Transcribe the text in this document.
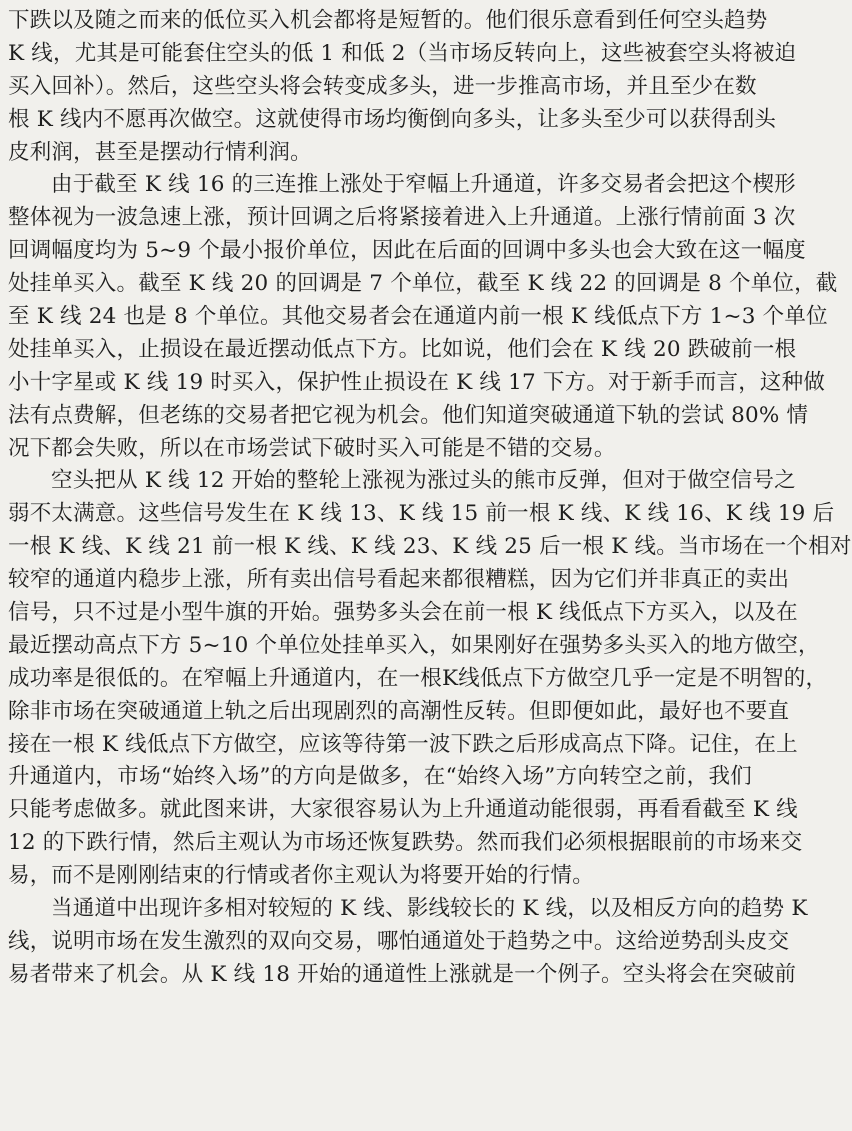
下跌以及随之而来的低位买入机会都将是短暂的。他们很乐意看到任何空头趋势
K 线，尤其是可能套住空头的低 1 和低 2（当市场反转向上，这些被套空头将被迫
买入回补）。然后，这些空头将会转变成多头，进一步推高市场，并且至少在数
根 K 线内不愿再次做空。这就使得市场均衡倒向多头，让多头至少可以获得刮头
皮利润，甚至是摆动行情利润。
由于截至 K 线 16 的三连推上涨处于窄幅上升通道，许多交易者会把这个楔形
整体视为一波急速上涨，预计回调之后将紧接着进入上升通道。上涨行情前面 3 次
回调幅度均为 5~9 个最小报价单位，因此在后面的回调中多头也会大致在这一幅度
处挂单买入。截至 K 线 20 的回调是 7 个单位，截至 K 线 22 的回调是 8 个单位，截
至 K 线 24 也是 8 个单位。其他交易者会在通道内前一根 K 线低点下方 1~3 个单位
处挂单买入，止损设在最近摆动低点下方。比如说，他们会在 K 线 20 跌破前一根
小十字星或 K 线 19 时买入，保护性止损设在 K 线 17 下方。对于新手而言，这种做
法有点费解，但老练的交易者把它视为机会。他们知道突破通道下轨的尝试 80% 情
况下都会失败，所以在市场尝试下破时买入可能是不错的交易。
空头把从 K 线 12 开始的整轮上涨视为涨过头的熊市反弹，但对于做空信号之
弱不太满意。这些信号发生在 K 线 13、K 线 15 前一根 K 线、K 线 16、K 线 19 后
一根 K 线、K 线 21 前一根 K 线、K 线 23、K 线 25 后一根 K 线。当市场在一个相对
较窄的通道内稳步上涨，所有卖出信号看起来都很糟糕，因为它们并非真正的卖出
信号，只不过是小型牛旗的开始。强势多头会在前一根 K 线低点下方买入，以及在
最近摆动高点下方 5~10 个单位处挂单买入，如果刚好在强势多头买入的地方做空，
成功率是很低的。在窄幅上升通道内，在一根K线低点下方做空几乎一定是不明智的，
除非市场在突破通道上轨之后出现剧烈的高潮性反转。但即便如此，最好也不要直
接在一根 K 线低点下方做空，应该等待第一波下跌之后形成高点下降。记住，在上
升通道内，市场“始终入场”的方向是做多，在“始终入场”方向转空之前，我们
只能考虑做多。就此图来讲，大家很容易认为上升通道动能很弱，再看看截至 K 线
12 的下跌行情，然后主观认为市场还恢复跌势。然而我们必须根据眼前的市场来交
易，而不是刚刚结束的行情或者你主观认为将要开始的行情。
当通道中出现许多相对较短的 K 线、影线较长的 K 线，以及相反方向的趋势 K
线，说明市场在发生激烈的双向交易，哪怕通道处于趋势之中。这给逆势刮头皮交
易者带来了机会。从 K 线 18 开始的通道性上涨就是一个例子。空头将会在突破前
